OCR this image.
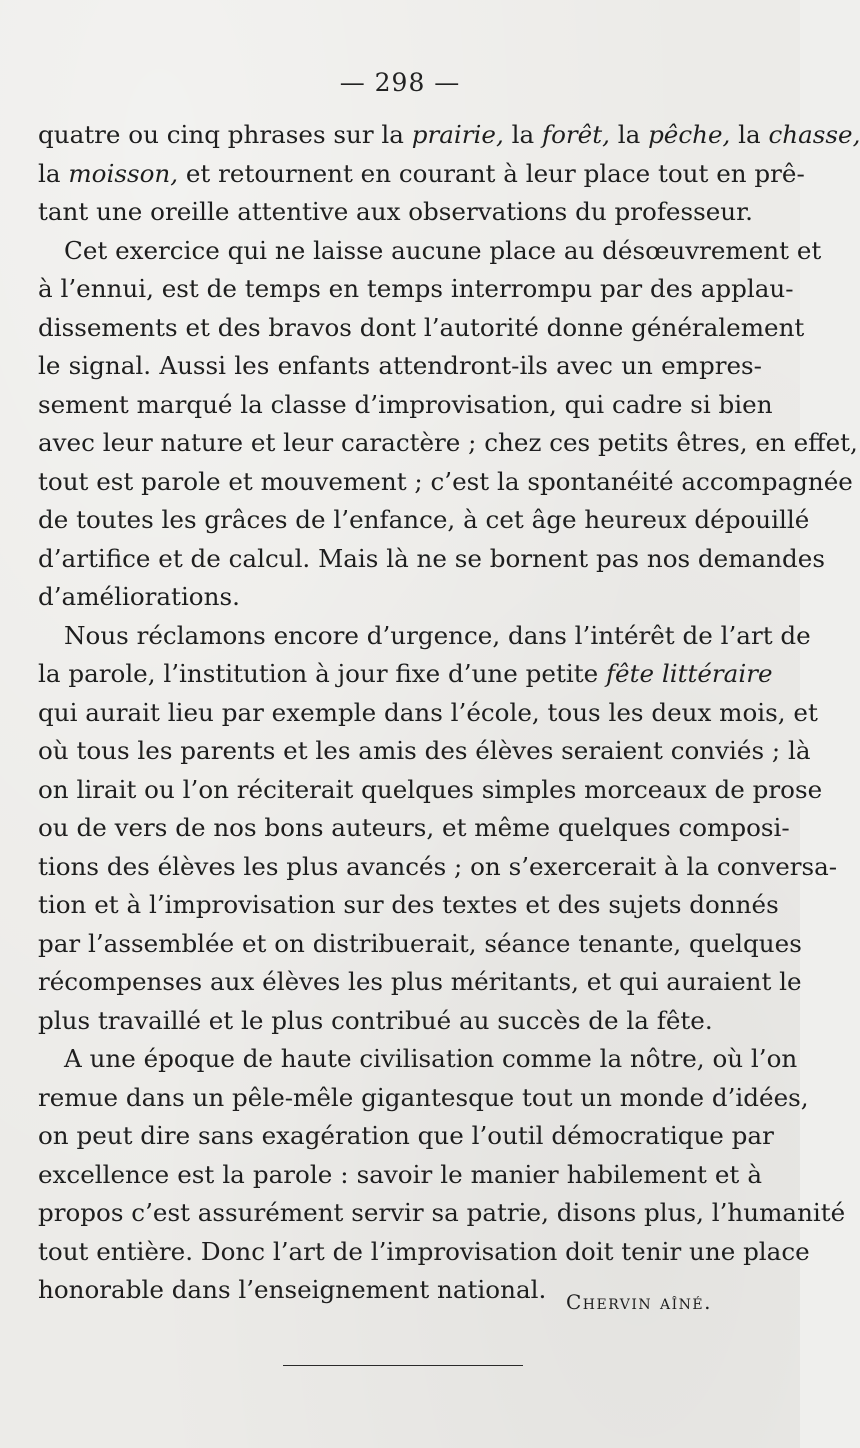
— 298 —
quatre ou cinq phrases sur la prairie, la forêt, la pêche, la chasse,
la moisson, et retournent en courant à leur place tout en prê-
tant une oreille attentive aux observations du professeur.
Cet exercice qui ne laisse aucune place au désœuvrement et
à l’ennui, est de temps en temps interrompu par des applau-
dissements et des bravos dont l’autorité donne généralement
le signal. Aussi les enfants attendront-ils avec un empres-
sement marqué la classe d’improvisation, qui cadre si bien
avec leur nature et leur caractère ; chez ces petits êtres, en effet,
tout est parole et mouvement ; c’est la spontanéité accompagnée
de toutes les grâces de l’enfance, à cet âge heureux dépouillé
d’artifice et de calcul. Mais là ne se bornent pas nos demandes
d’améliorations.
Nous réclamons encore d’urgence, dans l’intérêt de l’art de
la parole, l’institution à jour fixe d’une petite fête littéraire
qui aurait lieu par exemple dans l’école, tous les deux mois, et
où tous les parents et les amis des élèves seraient conviés ; là
on lirait ou l’on réciterait quelques simples morceaux de prose
ou de vers de nos bons auteurs, et même quelques composi-
tions des élèves les plus avancés ; on s’exercerait à la conversa-
tion et à l’improvisation sur des textes et des sujets donnés
par l’assemblée et on distribuerait, séance tenante, quelques
récompenses aux élèves les plus méritants, et qui auraient le
plus travaillé et le plus contribué au succès de la fête.
A une époque de haute civilisation comme la nôtre, où l’on
remue dans un pêle-mêle gigantesque tout un monde d’idées,
on peut dire sans exagération que l’outil démocratique par
excellence est la parole : savoir le manier habilement et à
propos c’est assurément servir sa patrie, disons plus, l’humanité
tout entière. Donc l’art de l’improvisation doit tenir une place
honorable dans l’enseignement national. Chervin aîné.
